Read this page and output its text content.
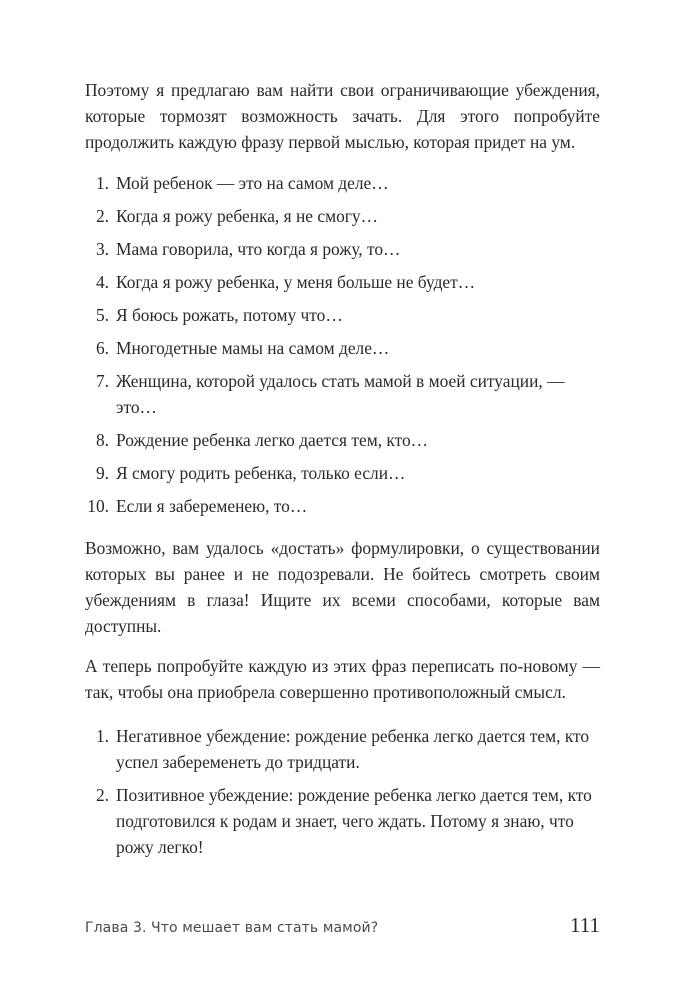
Поэтому я предлагаю вам найти свои ограничивающие убеждения, которые тормозят возможность зачать. Для этого попробуйте продолжить каждую фразу первой мыслью, которая придет на ум.

1. Мой ребенок — это на самом деле…
2. Когда я рожу ребенка, я не смогу…
3. Мама говорила, что когда я рожу, то…
4. Когда я рожу ребенка, у меня больше не будет…
5. Я боюсь рожать, потому что…
6. Многодетные мамы на самом деле…
7. Женщина, которой удалось стать мамой в моей ситуации, — это…
8. Рождение ребенка легко дается тем, кто…
9. Я смогу родить ребенка, только если…
10. Если я забеременею, то…

Возможно, вам удалось «достать» формулировки, о существовании которых вы ранее и не подозревали. Не бойтесь смотреть своим убеждениям в глаза! Ищите их всеми способами, которые вам доступны.

А теперь попробуйте каждую из этих фраз переписать по-новому — так, чтобы она приобрела совершенно противоположный смысл.

1. Негативное убеждение: рождение ребенка легко дается тем, кто успел забеременеть до тридцати.
2. Позитивное убеждение: рождение ребенка легко дается тем, кто подготовился к родам и знает, чего ждать. Потому я знаю, что рожу легко!
Глава 3. Что мешает вам стать мамой?	111
